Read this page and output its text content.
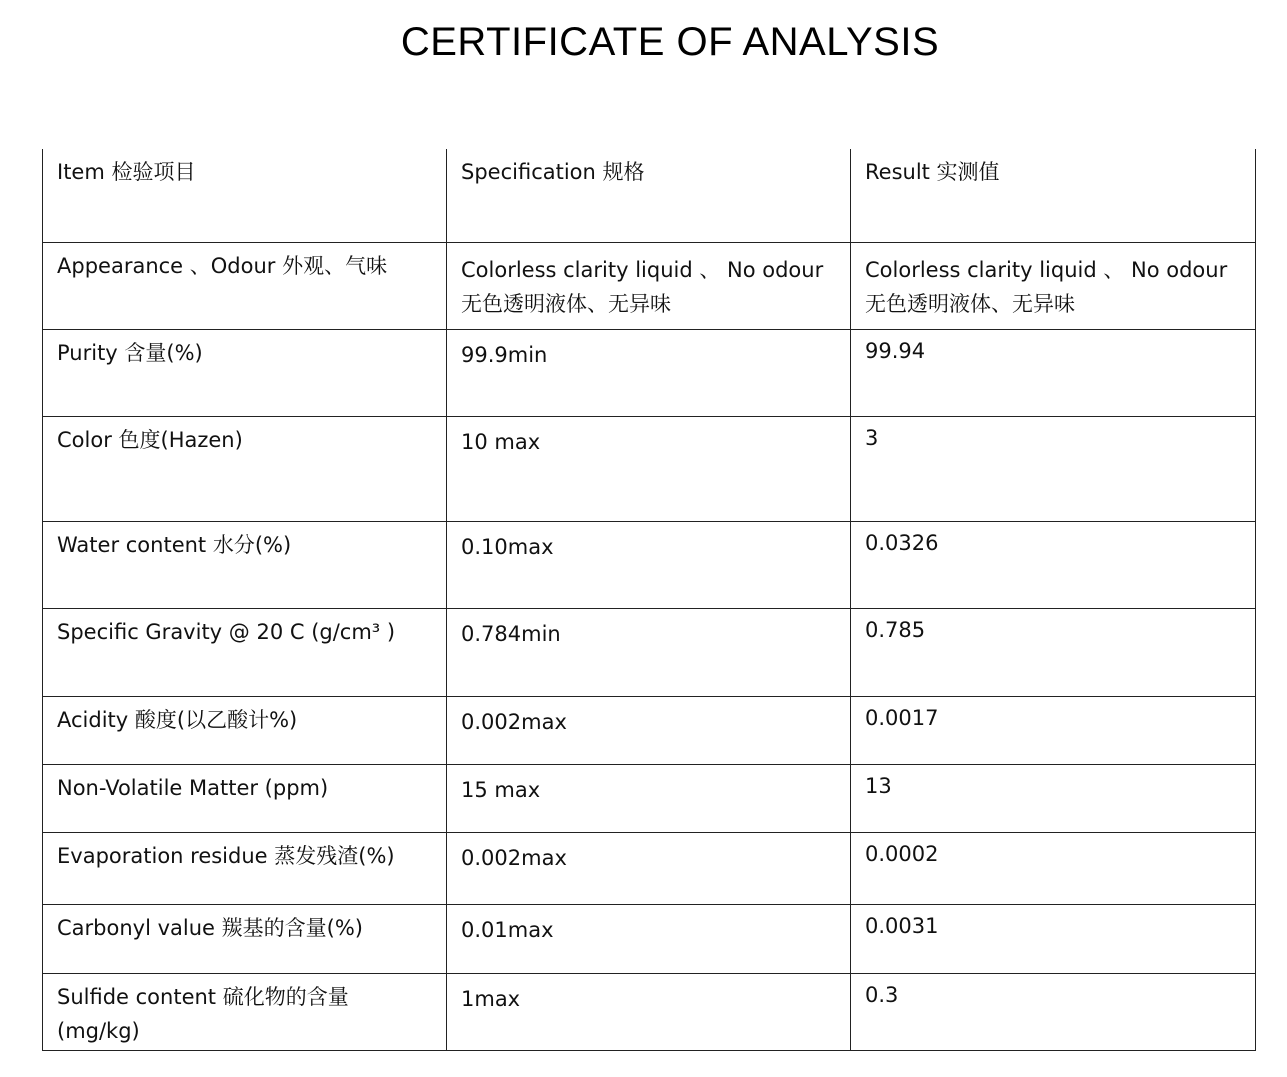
CERTIFICATE OF ANALYSIS
Item 检验项目	Specification 规格	Result 实测值

Appearance 、Odour 外观、气味	Colorless clarity liquid 、 No odour 无色透明液体、无异味	Colorless clarity liquid 、 No odour 无色透明液体、无异味

Purity 含量(%)	99.9min	99.94

Color 色度(Hazen)	10 max	3

Water content 水分(%)	0.10max	0.0326

Specific Gravity @ 20 C (g/cm³ )	0.784min	0.785

Acidity 酸度(以乙酸计%)	0.002max	0.0017

Non-Volatile Matter (ppm)	15 max	13

Evaporation residue 蒸发残渣(%)	0.002max	0.0002

Carbonyl value 羰基的含量(%)	0.01max	0.0031

Sulfide content 硫化物的含量 (mg/kg)	1max	0.3
